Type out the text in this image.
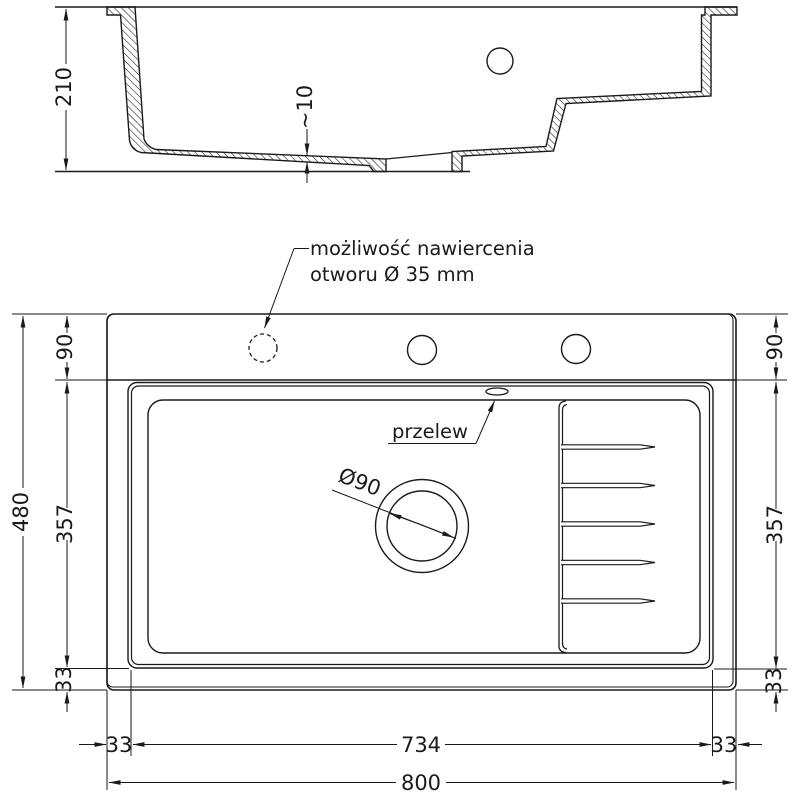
210	~10
możliwość nawiercenia
otworu Ø 35 mm
przelew
Ø90
480
90
357
33
90
357
33
33	734	33
800
